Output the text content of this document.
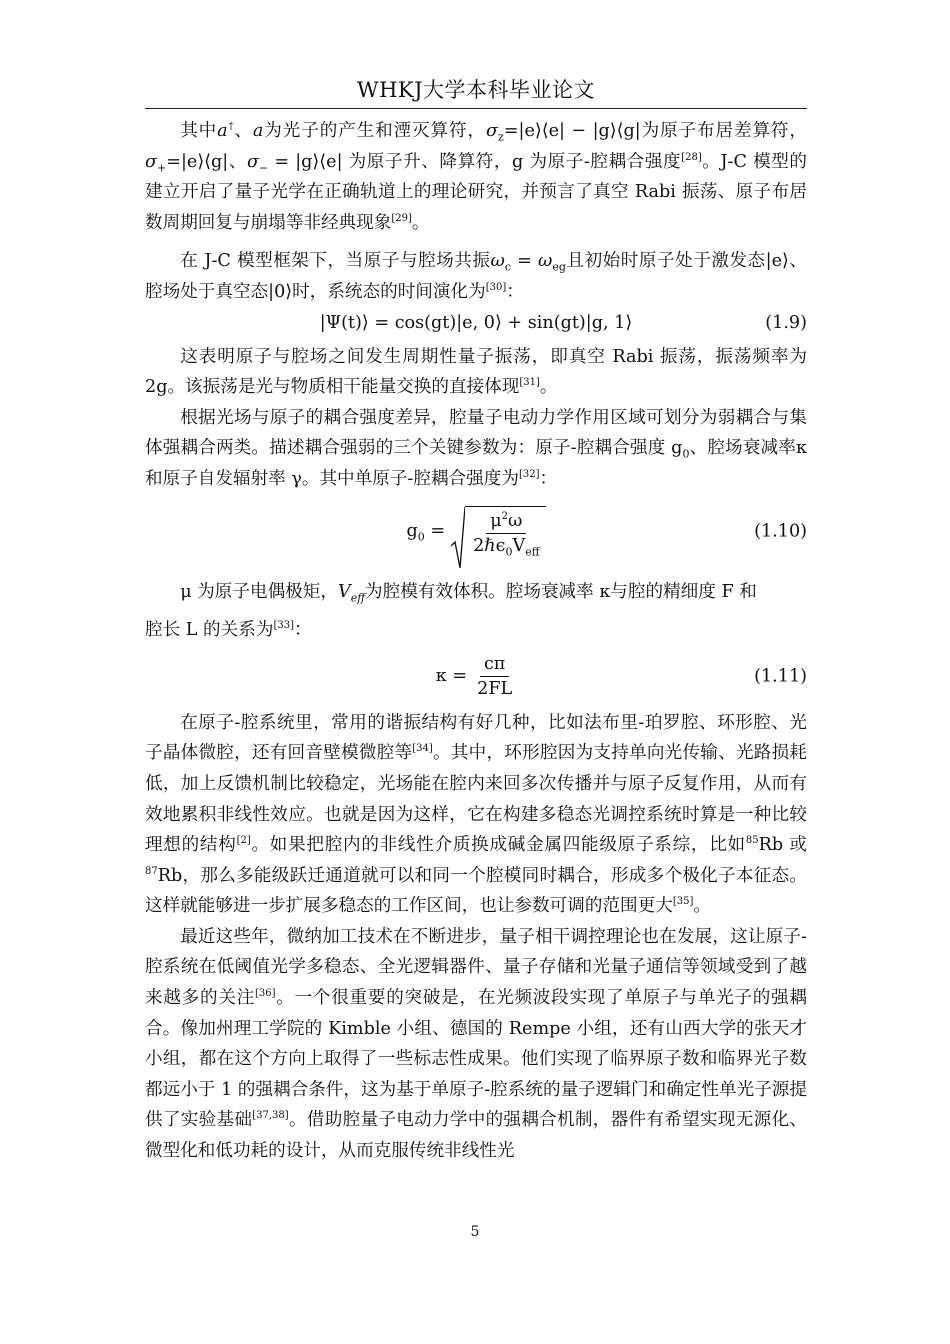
WHKJ大学本科毕业论文

其中a†、a为光子的产生和湮灭算符，$\sigma_z=|e⟩⟨e|$ − |g⟩⟨g|为原子布居差算符，$\sigma_+=|e⟩⟨g|$、$\sigma_-$ = |g⟩⟨e| 为原子升、降算符，g 为原子-腔耦合强度[28]。J-C 模型的建立开启了量子光学在正确轨道上的理论研究，并预言了真空 Rabi 振荡、原子布居数周期回复与崩塌等非经典现象[29]。

在 J-C 模型框架下，当原子与腔场共振$\omega_c = \omega_{eg}$且初始时原子处于激发态|e⟩、腔场处于真空态|0⟩时，系统态的时间演化为[30]：

|Ψ(t)⟩ = cos(gt)|e, 0⟩ + sin(gt)|g, 1⟩	(1.9)

这表明原子与腔场之间发生周期性量子振荡，即真空 Rabi 振荡，振荡频率为 2g。该振荡是光与物质相干能量交换的直接体现[31]。

根据光场与原子的耦合强度差异，腔量子电动力学作用区域可划分为弱耦合与集体强耦合两类。描述耦合强弱的三个关键参数为：原子-腔耦合强度 $g_0$、腔场衰减率κ和原子自发辐射率 γ。其中单原子-腔耦合强度为[32]：

$g_0 = \frac{\mu^2\omega}{2\hbar\epsilon_0V_{eff}}$	(1.10)

μ 为原子电偶极矩，$V_{eff}$为腔模有效体积。腔场衰减率 κ与腔的精细度 F 和

腔长 L 的关系为[33]：

$\kappa = \frac{c\pi}{2FL}$	(1.11)

在原子-腔系统里，常用的谐振结构有好几种，比如法布里-珀罗腔、环形腔、光子晶体微腔，还有回音壁模微腔等[34]。其中，环形腔因为支持单向光传输、光路损耗低，加上反馈机制比较稳定，光场能在腔内来回多次传播并与原子反复作用，从而有效地累积非线性效应。也就是因为这样，它在构建多稳态光调控系统时算是一种比较理想的结构[2]。如果把腔内的非线性介质换成碱金属四能级原子系综，比如$^{85}$Rb 或$^{87}$Rb，那么多能级跃迁通道就可以和同一个腔模同时耦合，形成多个极化子本征态。这样就能够进一步扩展多稳态的工作区间，也让参数可调的范围更大[35]。

最近这些年，微纳加工技术在不断进步，量子相干调控理论也在发展，这让原子-腔系统在低阈值光学多稳态、全光逻辑器件、量子存储和光量子通信等领域受到了越来越多的关注[36]。一个很重要的突破是，在光频波段实现了单原子与单光子的强耦合。像加州理工学院的 Kimble 小组、德国的 Rempe 小组，还有山西大学的张天才小组，都在这个方向上取得了一些标志性成果。他们实现了临界原子数和临界光子数都远小于 1 的强耦合条件，这为基于单原子-腔系统的量子逻辑门和确定性单光子源提供了实验基础[37,38]。借助腔量子电动力学中的强耦合机制，器件有希望实现无源化、微型化和低功耗的设计，从而克服传统非线性光

5
